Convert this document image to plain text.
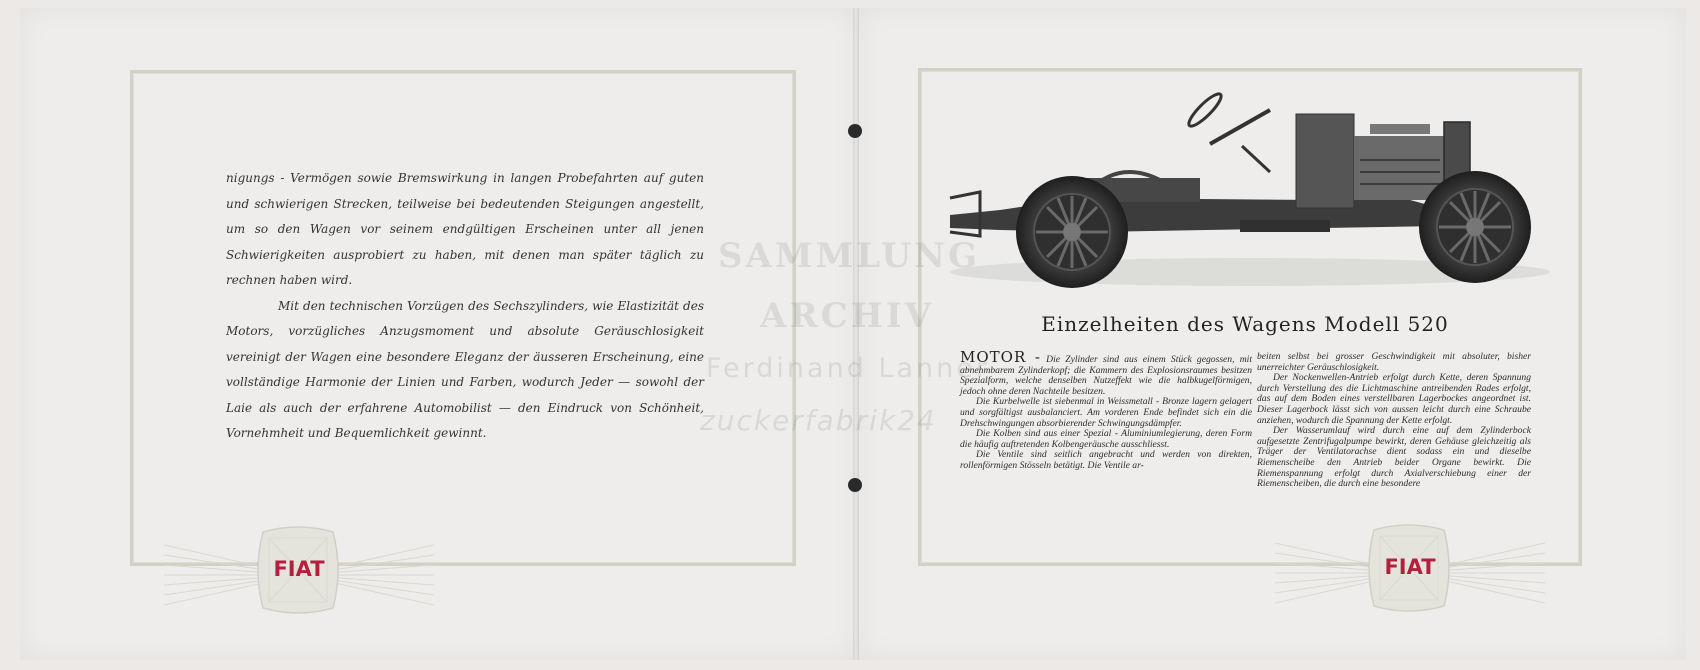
nigungs - Vermögen sowie Bremswirkung in langen Probefahrten auf guten und schwierigen Strecken, teilweise bei bedeutenden Steigungen angestellt, um so den Wagen vor seinem endgültigen Erscheinen unter all jenen Schwierigkeiten ausprobiert zu haben, mit denen man später täglich zu rechnen haben wird.

Mit den technischen Vorzügen des Sechszylinders, wie Elastizität des Motors, vorzügliches Anzugsmoment und absolute Geräuschlosigkeit vereinigt der Wagen eine besondere Eleganz der äusseren Erscheinung, eine vollständige Harmonie der Linien und Farben, wodurch Jeder — sowohl der Laie als auch der erfahrene Automobilist — den Eindruck von Schönheit, Vornehmheit und Bequemlichkeit gewinnt.

FIAT
Einzelheiten des Wagens Modell 520

MOTOR - Die Zylinder sind aus einem Stück gegossen, mit abnehmbarem Zylinderkopf; die Kammern des Explosionsraumes besitzen Spezialform, welche denselben Nutzeffekt wie die halbkugelförmigen, jedoch ohne deren Nachteile besitzen.

Die Kurbelwelle ist siebenmal in Weissmetall - Bronze lagern gelagert und sorgfältigst ausbalanciert. Am vorderen Ende befindet sich ein die Drehschwingungen absorbierender Schwingungsdämpfer.

Die Kolben sind aus einer Spezial - Aluminiumlegierung, deren Form die häufig auftretenden Kolbengeräusche ausschliesst.

Die Ventile sind seitlich angebracht und werden von direkten, rollenförmigen Stösseln betätigt. Die Ventile ar-

beiten selbst bei grosser Geschwindigkeit mit absoluter, bisher unerreichter Geräuschlosigkeit.

Der Nockenwellen-Antrieb erfolgt durch Kette, deren Spannung durch Verstellung des die Lichtmaschine antreibenden Rades erfolgt, das auf dem Boden eines verstellbaren Lagerbockes angeordnet ist. Dieser Lagerbock lässt sich von aussen leicht durch eine Schraube anziehen, wodurch die Spannung der Kette erfolgt.

Der Wasserumlauf wird durch eine auf dem Zylinderbock aufgesetzte Zentrifugalpumpe bewirkt, deren Gehäuse gleichzeitig als Träger der Ventilatorachse dient sodass ein und dieselbe Riemenscheibe den Antrieb beider Organe bewirkt. Die Riemenspannung erfolgt durch Axialverschiebung einer der Riemenscheiben, die durch eine besondere

FIAT
SAMMLUNG
ARCHIV
Ferdinand Lanner
zuckerfabrik24
